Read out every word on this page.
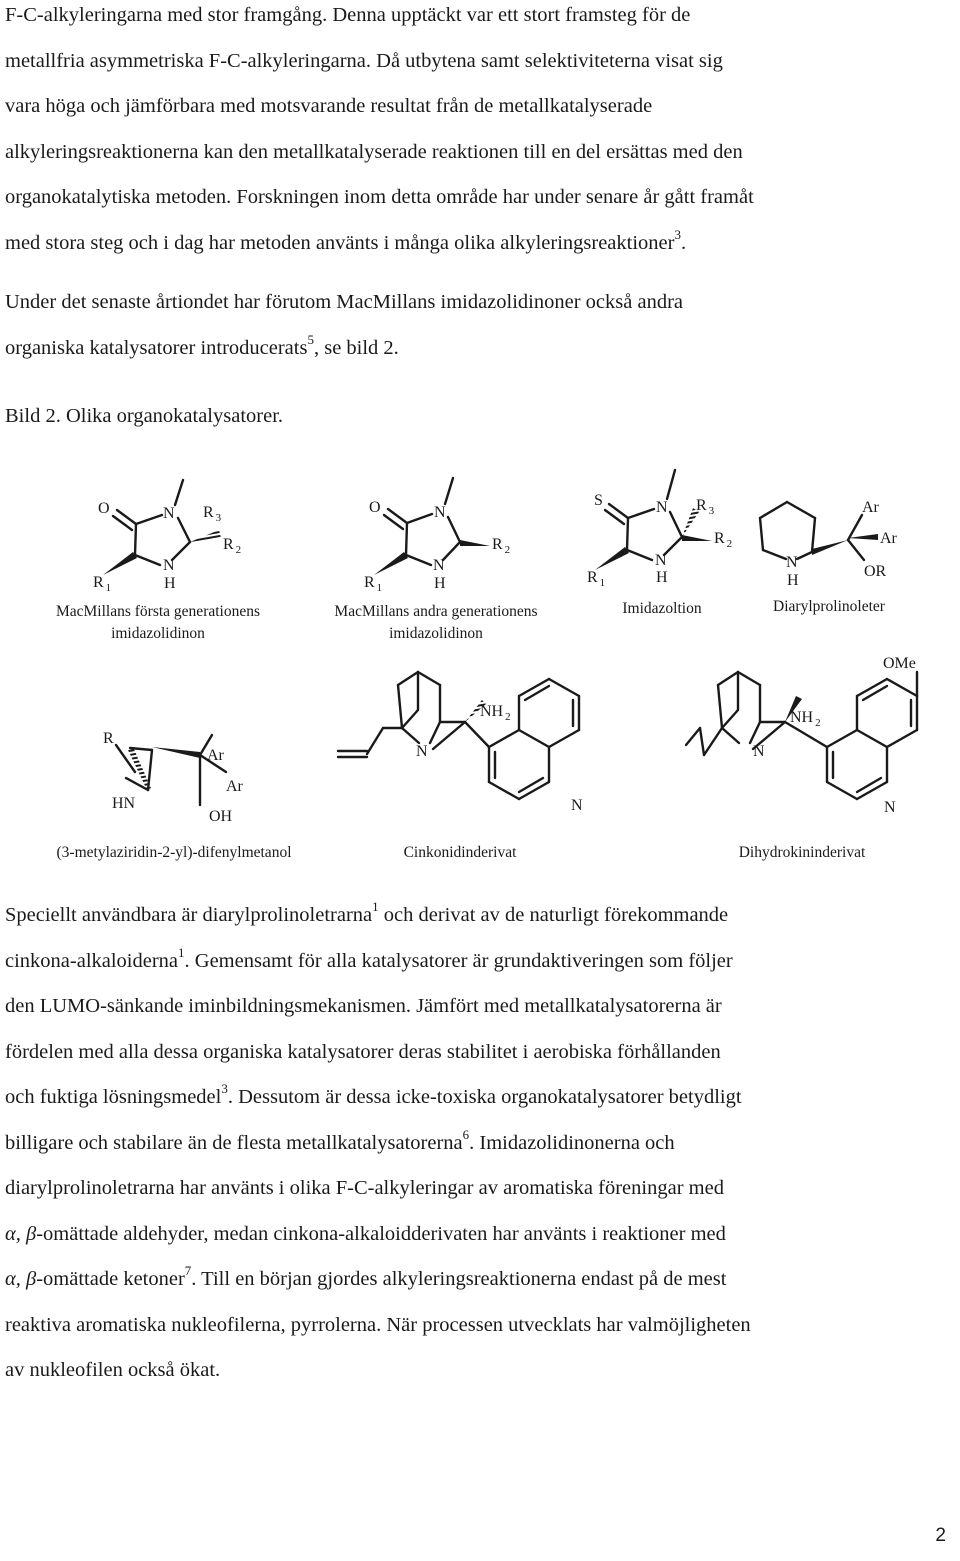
F-C-alkyleringarna med stor framgång. Denna upptäckt var ett stort framsteg för de
metallfria asymmetriska F-C-alkyleringarna. Då utbytena samt selektiviteterna visat sig
vara höga och jämförbara med motsvarande resultat från de metallkatalyserade
alkyleringsreaktionerna kan den metallkatalyserade reaktionen till en del ersättas med den
organokatalytiska metoden. Forskningen inom detta område har under senare år gått framåt
med stora steg och i dag har metoden använts i många olika alkyleringsreaktioner$^3$.
Under det senaste årtiondet har förutom MacMillans imidazolidinoner också andra
organiska katalysatorer introducerats$^5$, se bild 2.
Bild 2. Olika organokatalysatorer.
O	N R $_3$
R $_2$
N
H
R $_1$
MacMillans första generationens
imidazolidinon
O	N
R $_2$
N
H
R $_1$
MacMillans andra generationens
imidazolidinon
S	N R $_3$
R $_2$
N
H
R $_1$
Imidazoltion
N
H
Ar
Ar
OR
Diarylprolinoleter
R
HN
Ar
Ar
OH
(3-metylaziridin-2-yl)-difenylmetanol
N
NH $_2$
N
Cinkonidinderivat
N
NH $_2$
OMe
N
Dihydrokininderivat
Speciellt användbara är diarylprolinoletrarna$^1$ och derivat av de naturligt förekommande
cinkona-alkaloiderna$^1$. Gemensamt för alla katalysatorer är grundaktiveringen som följer
den LUMO-sänkande iminbildningsmekanismen. Jämfört med metallkatalysatorerna är
fördelen med alla dessa organiska katalysatorer deras stabilitet i aerobiska förhållanden
och fuktiga lösningsmedel$^3$. Dessutom är dessa icke-toxiska organokatalysatorer betydligt
billigare och stabilare än de flesta metallkatalysatorerna$^6$. Imidazolidinonerna och
diarylprolinoletrarna har använts i olika F-C-alkyleringar av aromatiska föreningar med
α, β-omättade aldehyder, medan cinkona-alkaloidderivaten har använts i reaktioner med
α, β-omättade ketoner$^7$. Till en början gjordes alkyleringsreaktionerna endast på de mest
reaktiva aromatiska nukleofilerna, pyrrolerna. När processen utvecklats har valmöjligheten
av nukleofilen också ökat.
2
